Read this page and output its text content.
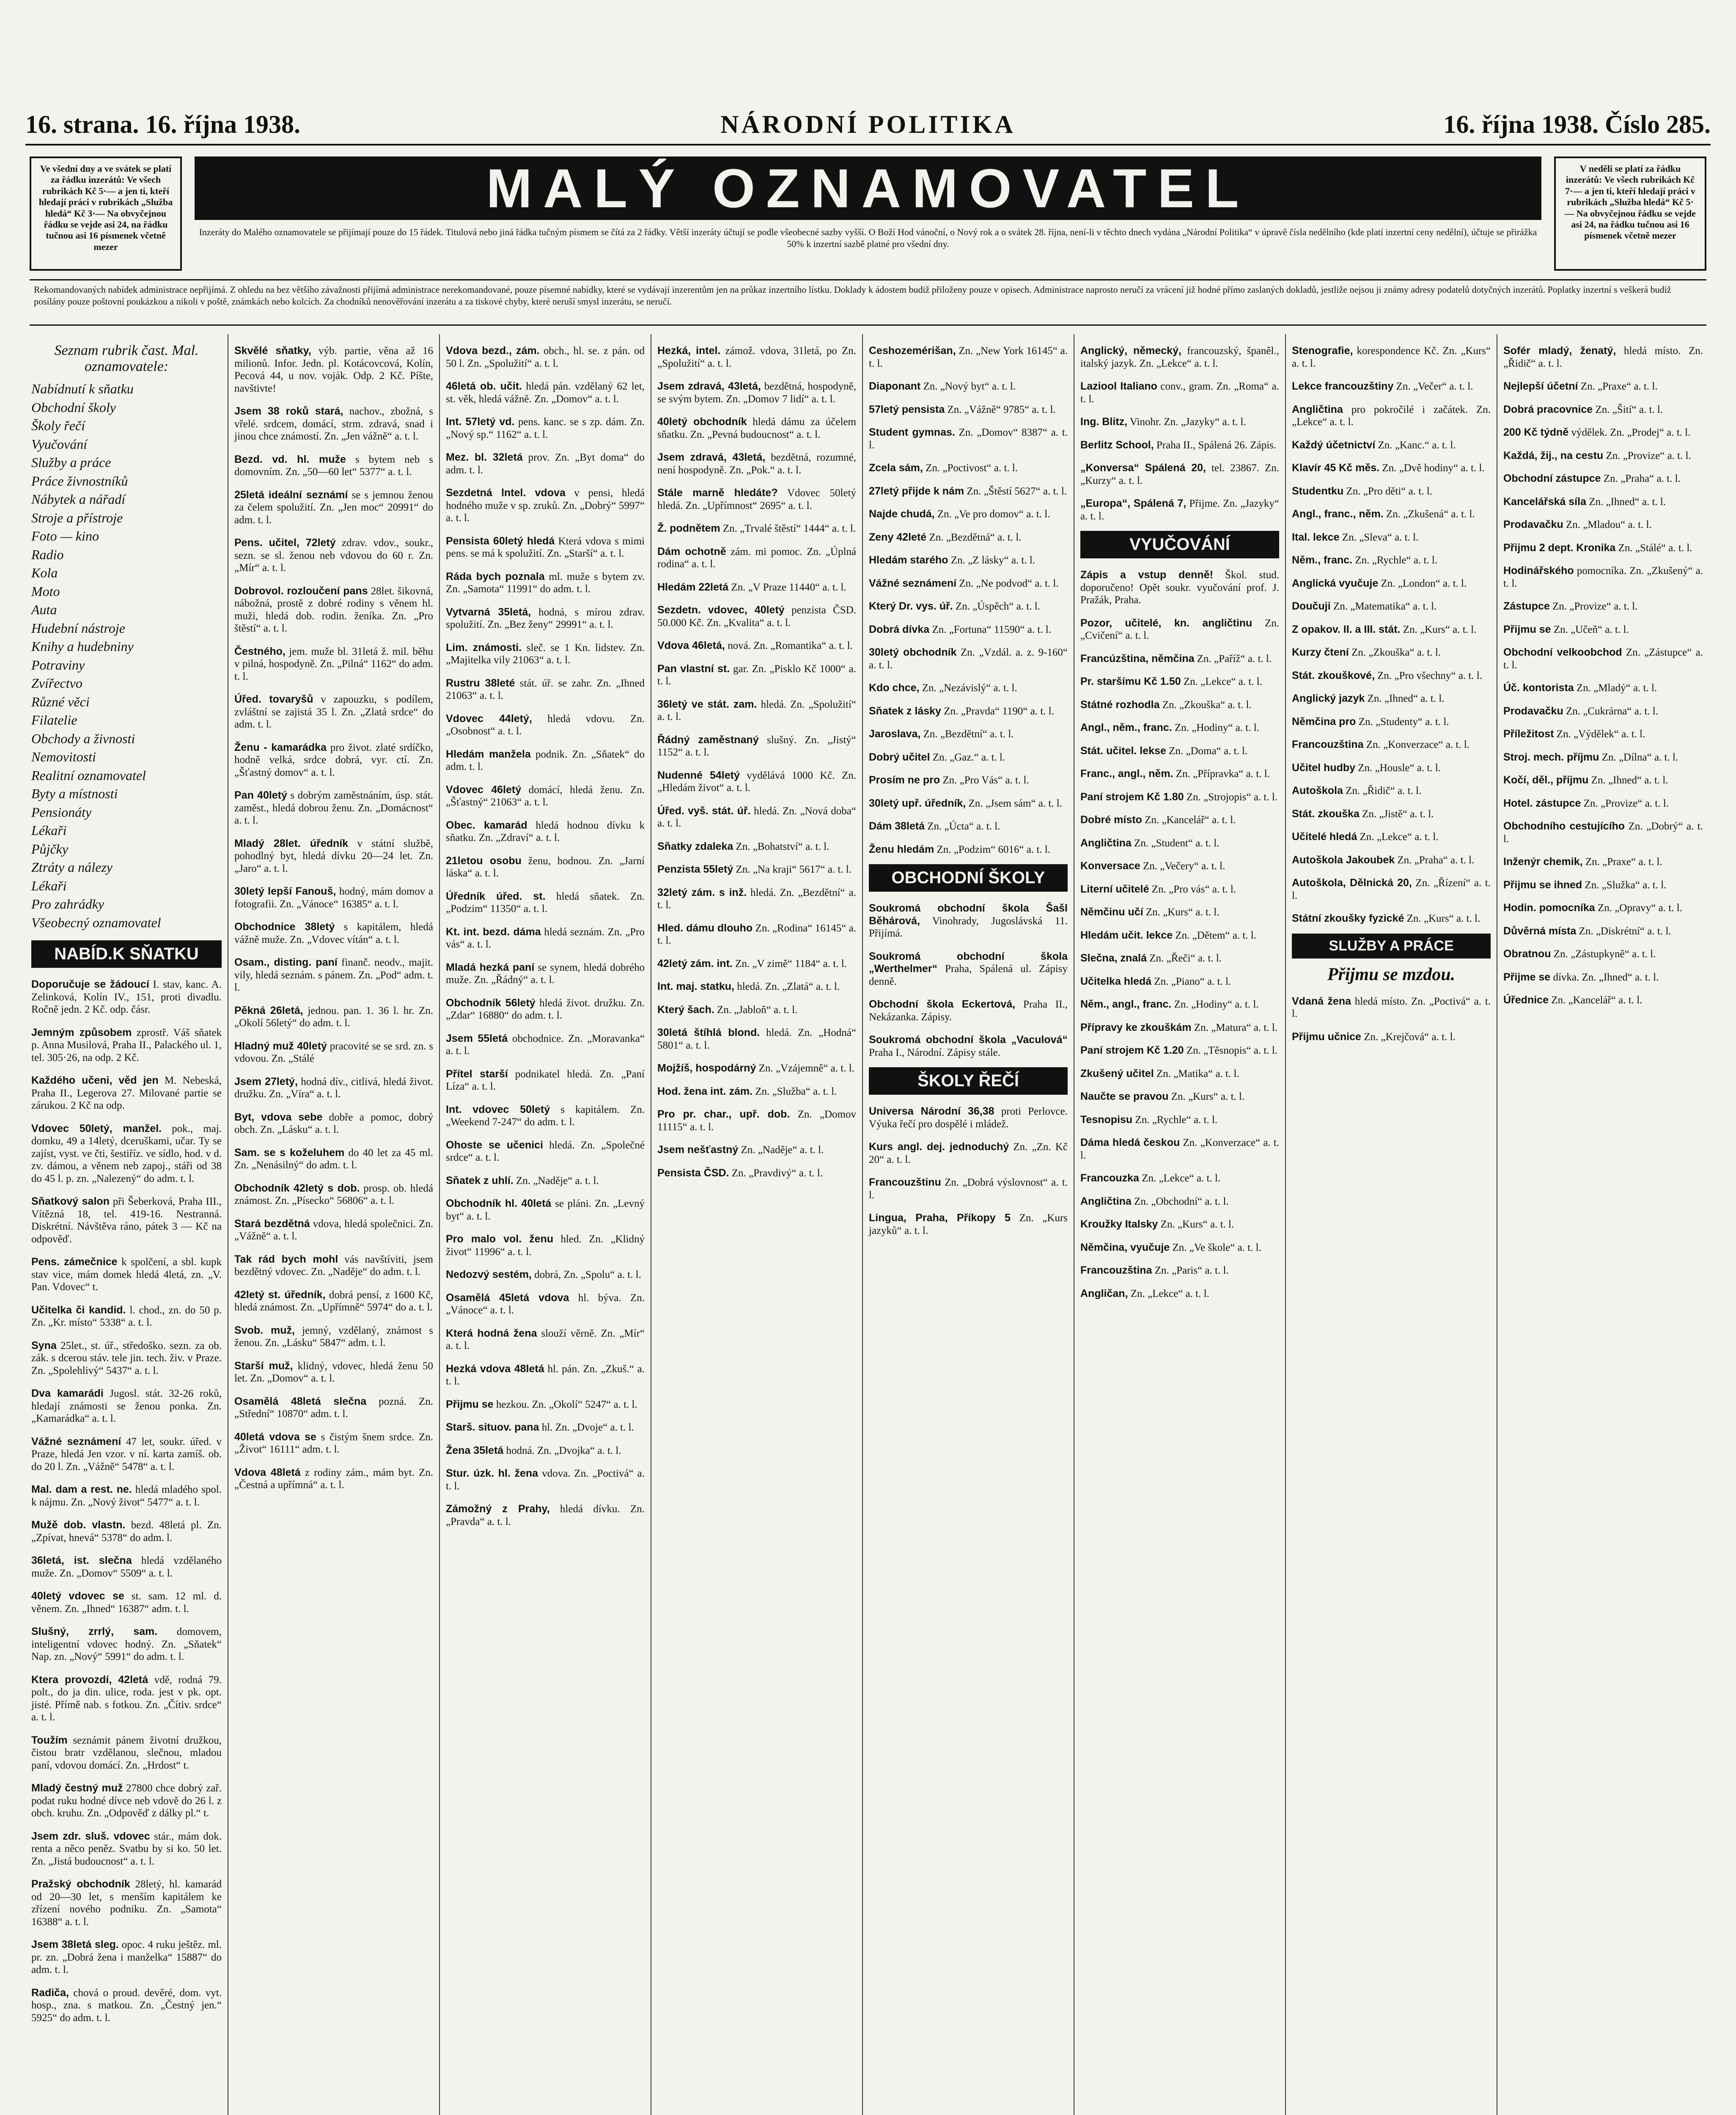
16. strana. 16. října 1938.	NÁRODNÍ POLITIKA	16. října 1938. Číslo 285.
Ve všední dny a ve svátek se platí za řádku inzerátů: Ve všech rubrikách Kč 5·— a jen ti, kteří hledají práci v rubrikách „Služba hledá“ Kč 3·— Na obvyčejnou řádku se vejde asi 24, na řádku tučnou asi 16 písmenek včetně mezer
MALÝ OZNAMOVATEL	V neděli se platí za řádku inzerátů: Ve všech rubrikách Kč 7·— a jen ti, kteří hledají práci v rubrikách „Služba hledá“ Kč 5·— Na obvyčejnou řádku se vejde asi 24, na řádku tučnou asi 16 písmenek včetně mezer
Inzeráty do Malého oznamovatele se přijímají pouze do 15 řádek. Titulová nebo jiná řádka tučným písmem se čítá za 2 řádky. Větší inzeráty účtují se podle všeobecné sazby vyšší. O Boží Hod vánoční, o Nový rok a o svátek 28. října, není-li v těchto dnech vydána „Národní Politika“ v úpravě čísla nedělního (kde platí inzertní ceny nedělní), účtuje se přirážka 50% k inzertní sazbě platné pro všední dny.
Rekomandovaných nabídek administrace nepřijímá. Z ohledu na bez většího závažnosti přijímá administrace nerekomandované, pouze písemné nabídky, které se vydávají inzerentům jen na průkaz inzertního lístku. Doklady k ádostem budiž přiloženy pouze v opisech. Administrace naprosto neručí za vrácení již hodné přímo zaslaných dokladů, jestliže nejsou ji známy adresy podatelů dotyčných inzerátů. Poplatky inzertní s veškerá budiž posílány pouze poštovní poukázkou a nikoli v poště, známkách nebo kolcích. Za chodníků nenověřování inzerátu a za tiskové chyby, které neruší smysl inzerátu, se neručí.
Seznam rubrik čast. Mal. oznamovatele:
Nabídnutí k sňatku
Obchodní školy
Školy řečí
Vyučování
Služby a práce
Práce živnostníků
Nábytek a nářadí
Stroje a přístroje
Foto — kino
Radio
Kola
Moto
Auta
Hudební nástroje
Knihy a hudebniny
Potraviny
Zvířectvo
Různé věci
Filatelie
Obchody a živnosti
Nemovitosti
Realitní oznamovatel
Byty a místnosti
Pensionáty
Lékaři
Půjčky
Ztráty a nálezy
Lékaři
Pro zahrádky
Všeobecný oznamovatel
NABÍD.K SŇATKU

Doporučuje se žádoucí I. stav, kanc. A. Zelinková, Kolín IV., 151, proti divadlu. Ročně jedn. 2 Kč. odp. čásr.

Jemným způsobem zprostř. Váš sňatek p. Anna Musilová, Praha II., Palackého ul. 1, tel. 305·26, na odp. 2 Kč.

Každého učeni, věd jen M. Nebeská, Praha II., Legerova 27. Milované partie se zárukou. 2 Kč na odp.

Vdovec 50letý, manžel. pok., maj. domku, 49 a 14letý, dceruškami, učar. Ty se zajíst, vyst. ve čti, šestiříz. ve sídlo, hod. v d. zv. dámou, a věnem neb zapoj., stáři od 38 do 45 l. p. zn. „Nalezený“ do adm. t. l.

Sňatkový salon při Šeberková, Praha III., Vítězná 18, tel. 419-16. Nestranná. Diskrétní. Návštěva ráno, pátek 3 — Kč na odpověď.

Pens. zámečnice k spolčení, a sbl. kupk stav vice, mám domek hledá 4letá, zn. „V. Pan. Vdovec“ t.

Učitelka či kandid. l. chod., zn. do 50 p. Zn. „Kr. místo“ 5338“ a. t. l.

Syna 25let., st. úř., středoško. sezn. za ob. zák. s dcerou stáv. tele jin. tech. živ. v Praze. Zn. „Spolehlivý“ 5437“ a. t. l.

Dva kamarádi Jugosl. stát. 32-26 roků, hledají známosti se ženou ponka. Zn. „Kamarádka“ a. t. l.

Vážné seznámení 47 let, soukr. úřed. v Praze, hledá Jen vzor. v ní. karta zamíš. ob. do 20 l. Zn. „Vážně“ 5478“ a. t. l.

Mal. dam a rest. ne. hledá mladého spol. k nájmu. Zn. „Nový život“ 5477“ a. t. l.

Mužě dob. vlastn. bezd. 48letá pl. Zn. „Zpívat, hnevá“ 5378“ do adm. l.

36letá, ist. slečna hledá vzdělaného muže. Zn. „Domov“ 5509“ a. t. l.

40letý vdovec se st. sam. 12 ml. d. věnem. Zn. „Ihned“ 16387“ adm. t. l.

Slušný, zrrlý, sam. domovem, inteligentní vdovec hodný. Zn. „Sňatek“ Nap. zn. „Nový“ 5991“ do adm. t. l.

Ktera provozdí, 42letá vdě, rodná 79. polt., do ja din. ulice, roda. jest v pk. opt. jisté. Přímě nab. s fotkou. Zn. „Čítiv. srdce“ a. t. l.

Toužím seznámit pánem životní družkou, čistou bratr vzdělanou, slečnou, mladou paní, vdovou domácí. Zn. „Hrdost“ t.

Mladý čestný muž 27800 chce dobrý zař. podat ruku hodné dívce neb vdově do 26 l. z obch. kruhu. Zn. „Odpověď z dálky pl.“ t.

Jsem zdr. sluš. vdovec stár., mám dok. renta a něco peněz. Svatbu by si ko. 50 let. Zn. „Jistá budoucnost“ a. t. l.

Pražský obchodník 28letý, hl. kamarád od 20—30 let, s menším kapitálem ke zřízení nového podniku. Zn. „Samota“ 16388“ a. t. l.

Jsem 38letá sleg. opoc. 4 ruku ještěz. ml. pr. zn. „Dobrá žena i manželka“ 15887“ do adm. t. l.

Radiča, chová o proud. devěré, dom. vyt. hosp., zna. s matkou. Zn. „Čestný jen.“ 5925“ do adm. t. l.

Skvělé sňatky, výb. partie, věna až 16 milionů. Infor. Jedn. pl. Kotácovcová, Kolín, Pecová 44, u nov. voják. Odp. 2 Kč. Píšte, navštivte!

Jsem 38 roků stará, nachov., zbožná, s vřelé. srdcem, domácí, strm. zdravá, snad i jinou chce známostí. Zn. „Jen vážně“ a. t. l.

Bezd. vd. hl. muže s bytem neb s domovním. Zn. „50—60 let“ 5377“ a. t. l.

25letá ideální seznámí se s jemnou ženou za čelem spolužití. Zn. „Jen moc“ 20991“ do adm. t. l.

Pens. učitel, 72letý zdrav. vdov., soukr., sezn. se sl. ženou neb vdovou do 60 r. Zn. „Mír“ a. t. l.

Dobrovol. rozloučení pans 28let. šikovná, nábožná, prostě z dobré rodiny s věnem hl. muži, hledá dob. rodin. ženíka. Zn. „Pro štěstí“ a. t. l.

Čestného, jem. muže bl. 31letá ž. mil. běhu v pilná, hospodyně. Zn. „Pilná“ 1162“ do adm. t. l.

Úřed. tovaryšů v zapouzku, s podílem, zvláštní se zajistá 35 l. Zn. „Zlatá srdce“ do adm. t. l.

Ženu - kamarádka pro život. zlaté srdíčko, hodně velká, srdce dobrá, vyr. ctí. Zn. „Šťastný domov“ a. t. l.

Pan 40letý s dobrým zaměstnáním, úsp. stát. zaměst., hledá dobrou ženu. Zn. „Domácnost“ a. t. l.

Mladý 28let. úředník v státní službě, pohodlný byt, hledá dívku 20—24 let. Zn. „Jaro“ a. t. l.

30letý lepší Fanouš, hodný, mám domov a fotografii. Zn. „Vánoce“ 16385“ a. t. l.

Obchodnice 38letý s kapitálem, hledá vážně muže. Zn. „Vdovec vítán“ a. t. l.

Osam., disting. paní finanč. neodv., majit. vily, hledá seznám. s pánem. Zn. „Pod“ adm. t. l.

Pěkná 26letá, jednou. pan. 1. 36 l. hr. Zn. „Okolí 56letý“ do adm. t. l.

Hladný muž 40letý pracovité se se srd. zn. s vdovou. Zn. „Stálé

Jsem 27letý, hodná dív., citlivá, hledá život. družku. Zn. „Víra“ a. t. l.

Byt, vdova sebe dobře a pomoc, dobrý obch. Zn. „Lásku“ a. t. l.

Sam. se s koželuhem do 40 let za 45 ml. Zn. „Nenásilný“ do adm. t. l.

Obchodník 42letý s dob. prosp. ob. hledá známost. Zn. „Písecko“ 56806“ a. t. l.

Stará bezdětná vdova, hledá společnici. Zn. „Vážně“ a. t. l.

Tak rád bych mohl vás navštíviti, jsem bezdětný vdovec. Zn. „Naděje“ do adm. t. l.

42letý st. úředník, dobrá pensí, z 1600 Kč, hledá známost. Zn. „Upřímně“ 5974“ do a. t. l.

Svob. muž, jemný, vzdělaný, známost s ženou. Zn. „Lásku“ 5847“ adm. t. l.

Starší muž, klidný, vdovec, hledá ženu 50 let. Zn. „Domov“ a. t. l.

Osamělá 48letá slečna pozná. Zn. „Střední“ 10870“ adm. t. l.

40letá vdova se s čistým šnem srdce. Zn. „Život“ 16111“ adm. t. l.

Vdova 48letá z rodiny zám., mám byt. Zn. „Čestná a upřímná“ a. t. l.

Vdova bezd., zám. obch., hl. se. z pán. od 50 l. Zn. „Spolužití“ a. t. l.

46letá ob. učit. hledá pán. vzdělaný 62 let, st. věk, hledá vážně. Zn. „Domov“ a. t. l.

Int. 57letý vd. pens. kanc. se s zp. dám. Zn. „Nový sp.“ 1162“ a. t. l.

Mez. bl. 32letá prov. Zn. „Byt doma“ do adm. t. l.

Sezdetná lntel. vdova v pensi, hledá hodného muže v sp. zruků. Zn. „Dobrý“ 5997“ a. t. l.

Pensista 60letý hledá Která vdova s mimi pens. se má k spolužití. Zn. „Starší“ a. t. l.

Ráda bych poznala ml. muže s bytem zv. Zn. „Samota“ 11991“ do adm. t. l.

Vytvarná 35letá, hodná, s mírou zdrav. spolužití. Zn. „Bez ženy“ 29991“ a. t. l.

Lim. známosti. sleč. se 1 Kn. lidstev. Zn. „Majitelka vily 21063“ a. t. l.

Rustru 38leté stát. úř. se zahr. Zn. „Ihned 21063“ a. t. l.

Vdovec 44letý, hledá vdovu. Zn. „Osobnost“ a. t. l.

Hledám manžela podnik. Zn. „Sňatek“ do adm. t. l.

Vdovec 46letý domácí, hledá ženu. Zn. „Šťastný“ 21063“ a. t. l.

Obec. kamarád hledá hodnou dívku k sňatku. Zn. „Zdraví“ a. t. l.

21letou osobu ženu, hodnou. Zn. „Jarní láska“ a. t. l.

Úředník úřed. st. hledá sňatek. Zn. „Podzim“ 11350“ a. t. l.

Kt. int. bezd. dáma hledá seznám. Zn. „Pro vás“ a. t. l.

Mladá hezká paní se synem, hledá dobrého muže. Zn. „Řádný“ a. t. l.

Obchodník 56letý hledá život. družku. Zn. „Zdar“ 16880“ do adm. t. l.

Jsem 55letá obchodnice. Zn. „Moravanka“ a. t. l.

Přítel starší podnikatel hledá. Zn. „Paní Líza“ a. t. l.

Int. vdovec 50letý s kapitálem. Zn. „Weekend 7-247“ do adm. t. l.

Ohoste se učenici hledá. Zn. „Společné srdce“ a. t. l.

Sňatek z uhlí. Zn. „Naděje“ a. t. l.

Obchodník hl. 40letá se pláni. Zn. „Levný byt“ a. t. l.

Pro malo vol. ženu hled. Zn. „Klidný život“ 11996“ a. t. l.

Nedozvý sestém, dobrá, Zn. „Spolu“ a. t. l.

Osamělá 45letá vdova hl. býva. Zn. „Vánoce“ a. t. l.

Která hodná žena slouží věrně. Zn. „Mír“ a. t. l.

Hezká vdova 48letá hl. pán. Zn. „Zkuš.“ a. t. l.

Přijmu se hezkou. Zn. „Okolí“ 5247“ a. t. l.

Starš. situov. pana hl. Zn. „Dvoje“ a. t. l.

Žena 35letá hodná. Zn. „Dvojka“ a. t. l.

Stur. úzk. hl. žena vdova. Zn. „Poctivá“ a. t. l.

Zámožný z Prahy, hledá dívku. Zn. „Pravda“ a. t. l.

Hezká, intel. zámož. vdova, 31letá, po Zn. „Spolužití“ a. t. l.

Jsem zdravá, 43letá, bezdětná, hospodyně, se svým bytem. Zn. „Domov 7 lidí“ a. t. l.

40letý obchodník hledá dámu za účelem sňatku. Zn. „Pevná budoucnost“ a. t. l.

Jsem zdravá, 43letá, bezdětná, rozumné, není hospodyně. Zn. „Pok.“ a. t. l.

Stále marně hledáte? Vdovec 50letý hledá. Zn. „Upřímnost“ 2695“ a. t. l.

Ž. podnětem Zn. „Trvalé štěstí“ 1444“ a. t. l.

Dám ochotně zám. mi pomoc. Zn. „Úplná rodina“ a. t. l.

Hledám 22letá Zn. „V Praze 11440“ a. t. l.

Sezdetn. vdovec, 40letý penzista ČSD. 50.000 Kč. Zn. „Kvalita“ a. t. l.

Vdova 46letá, nová. Zn. „Romantika“ a. t. l.

Pan vlastní st. gar. Zn. „Pisklo Kč 1000“ a. t. l.

36letý ve stát. zam. hledá. Zn. „Spolužití“ a. t. l.

Řádný zaměstnaný slušný. Zn. „Jistý“ 1152“ a. t. l.

Nudenné 54letý vydělává 1000 Kč. Zn. „Hledám život“ a. t. l.

Úřed. vyš. stát. úř. hledá. Zn. „Nová doba“ a. t. l.

Sňatky zdaleka Zn. „Bohatství“ a. t. l.

Penzista 55letý Zn. „Na kraji“ 5617“ a. t. l.

32letý zám. s inž. hledá. Zn. „Bezdětní“ a. t. l.

Hled. dámu dlouho Zn. „Rodina“ 16145“ a. t. l.

42letý zám. int. Zn. „V zimě“ 1184“ a. t. l.

Int. maj. statku, hledá. Zn. „Zlatá“ a. t. l.

Který šach. Zn. „Jabloň“ a. t. l.

30letá štíhlá blond. hledá. Zn. „Hodná“ 5801“ a. t. l.

Mojžíš, hospodárný Zn. „Vzájemně“ a. t. l.

Hod. žena int. zám. Zn. „Služba“ a. t. l.

Pro pr. char., upř. dob. Zn. „Domov 11115“ a. t. l.

Jsem nešťastný Zn. „Naděje“ a. t. l.

Pensista ČSD. Zn. „Pravdivý“ a. t. l.

Ceshozemérišan, Zn. „New York 16145“ a. t. l.

Diaponant Zn. „Nový byt“ a. t. l.

57letý pensista Zn. „Vážně“ 9785“ a. t. l.

Student gymnas. Zn. „Domov“ 8387“ a. t. l.

Zcela sám, Zn. „Poctivost“ a. t. l.

27letý přijde k nám Zn. „Štěstí 5627“ a. t. l.

Najde chudá, Zn. „Ve pro domov“ a. t. l.

Zeny 42leté Zn. „Bezdětná“ a. t. l.

Hledám starého Zn. „Z lásky“ a. t. l.

Vážné seznámení Zn. „Ne podvod“ a. t. l.

Který Dr. vys. úř. Zn. „Úspěch“ a. t. l.

Dobrá dívka Zn. „Fortuna“ 11590“ a. t. l.

30letý obchodník Zn. „Vzdál. a. z. 9-160“ a. t. l.

Kdo chce, Zn. „Nezávislý“ a. t. l.

Sňatek z lásky Zn. „Pravda“ 1190“ a. t. l.

Jaroslava, Zn. „Bezdětní“ a. t. l.

Dobrý učitel Zn. „Gaz.“ a. t. l.

Prosím ne pro Zn. „Pro Vás“ a. t. l.

30letý upř. úředník, Zn. „Jsem sám“ a. t. l.

Dám 38letá Zn. „Úcta“ a. t. l.

Ženu hledám Zn. „Podzim“ 6016“ a. t. l.

OBCHODNÍ ŠKOLY

Soukromá obchodní škola Šašl Běhárová, Vinohrady, Jugoslávská 11. Přijímá.

Soukromá obchodní škola „Werthelmer“ Praha, Spálená ul. Zápisy denně.

Obchodní škola Eckertová, Praha II., Nekázanka. Zápisy.

Soukromá obchodní škola „Vaculová“ Praha I., Národní. Zápisy stále.

ŠKOLY ŘEČÍ

Universa Národní 36,38 proti Perlovce. Výuka řečí pro dospělé i mládež.

Kurs angl. dej. jednoduchý Zn. „Zn. Kč 20“ a. t. l.

Francouzštinu Zn. „Dobrá výslovnost“ a. t. l.

Lingua, Praha, Příkopy 5 Zn. „Kurs jazyků“ a. t. l.

Anglický, německý, francouzský, španěl., italský jazyk. Zn. „Lekce“ a. t. l.

Laziool Italiano conv., gram. Zn. „Roma“ a. t. l.

Ing. Blitz, Vinohr. Zn. „Jazyky“ a. t. l.

Berlitz School, Praha II., Spálená 26. Zápis.

„Konversa“ Spálená 20, tel. 23867. Zn. „Kurzy“ a. t. l.

„Europa“, Spálená 7, Přijme. Zn. „Jazyky“ a. t. l.

VYUČOVÁNÍ

Zápis a vstup denně! Škol. stud. doporučeno! Opět soukr. vyučování prof. J. Pražák, Praha.

Pozor, učitelé, kn. angličtinu Zn. „Cvičení“ a. t. l.

Francúzština, němčina Zn. „Paříž“ a. t. l.

Pr. staršímu Kč 1.50 Zn. „Lekce“ a. t. l.

Státné rozhodla Zn. „Zkouška“ a. t. l.

Angl., něm., franc. Zn. „Hodiny“ a. t. l.

Stát. učitel. lekse Zn. „Doma“ a. t. l.

Franc., angl., něm. Zn. „Přípravka“ a. t. l.

Paní strojem Kč 1.80 Zn. „Strojopis“ a. t. l.

Dobré místo Zn. „Kancelář“ a. t. l.

Angličtina Zn. „Student“ a. t. l.

Konversace Zn. „Večery“ a. t. l.

Literní učitelé Zn. „Pro vás“ a. t. l.

Němčinu učí Zn. „Kurs“ a. t. l.

Hledám učit. lekce Zn. „Dětem“ a. t. l.

Slečna, znalá Zn. „Řeči“ a. t. l.

Učitelka hledá Zn. „Piano“ a. t. l.

Něm., angl., franc. Zn. „Hodiny“ a. t. l.

Přípravy ke zkouškám Zn. „Matura“ a. t. l.

Paní strojem Kč 1.20 Zn. „Těsnopis“ a. t. l.

Zkušený učitel Zn. „Matika“ a. t. l.

Naučte se pravou Zn. „Kurs“ a. t. l.

Tesnopisu Zn. „Rychle“ a. t. l.

Dáma hledá českou Zn. „Konverzace“ a. t. l.

Francouzka Zn. „Lekce“ a. t. l.

Angličtina Zn. „Obchodní“ a. t. l.

Kroužky Italsky Zn. „Kurs“ a. t. l.

Němčina, vyučuje Zn. „Ve škole“ a. t. l.

Francouzština Zn. „Paris“ a. t. l.

Angličan, Zn. „Lekce“ a. t. l.

Stenografie, korespondence Kč. Zn. „Kurs“ a. t. l.

Lekce francouzštiny Zn. „Večer“ a. t. l.

Angličtina pro pokročilé i začátek. Zn. „Lekce“ a. t. l.

Každý účetnictví Zn. „Kanc.“ a. t. l.

Klavír 45 Kč měs. Zn. „Dvě hodiny“ a. t. l.

Studentku Zn. „Pro děti“ a. t. l.

Angl., franc., něm. Zn. „Zkušená“ a. t. l.

Ital. lekce Zn. „Sleva“ a. t. l.

Něm., franc. Zn. „Rychle“ a. t. l.

Anglická vyučuje Zn. „London“ a. t. l.

Doučuji Zn. „Matematika“ a. t. l.

Z opakov. II. a III. stát. Zn. „Kurs“ a. t. l.

Kurzy čtení Zn. „Zkouška“ a. t. l.

Stát. zkouškové, Zn. „Pro všechny“ a. t. l.

Anglický jazyk Zn. „Ihned“ a. t. l.

Němčina pro Zn. „Studenty“ a. t. l.

Francouzština Zn. „Konverzace“ a. t. l.

Učitel hudby Zn. „Housle“ a. t. l.

Autoškola Zn. „Řidič“ a. t. l.

Stát. zkouška Zn. „Jistě“ a. t. l.

Učitelé hledá Zn. „Lekce“ a. t. l.

Autoškola Jakoubek Zn. „Praha“ a. t. l.

Autoškola, Dělnická 20, Zn. „Řízení“ a. t. l.

Státní zkoušky fyzické Zn. „Kurs“ a. t. l.

SLUŽBY A PRÁCE
Přijmu se mzdou.

Vdaná žena hledá místo. Zn. „Poctivá“ a. t. l.

Přijmu učnice Zn. „Krejčová“ a. t. l.

Sofér mladý, ženatý, hledá místo. Zn. „Řidič“ a. t. l.

Nejlepší účetní Zn. „Praxe“ a. t. l.

Dobrá pracovnice Zn. „Šití“ a. t. l.

200 Kč týdně výdělek. Zn. „Prodej“ a. t. l.

Každá, žij., na cestu Zn. „Provize“ a. t. l.

Obchodní zástupce Zn. „Praha“ a. t. l.

Kancelářská síla Zn. „Ihned“ a. t. l.

Prodavačku Zn. „Mladou“ a. t. l.

Přijmu 2 dept. Kronika Zn. „Stálé“ a. t. l.

Hodinářského pomocníka. Zn. „Zkušený“ a. t. l.

Zástupce Zn. „Provize“ a. t. l.

Přijmu se Zn. „Učeň“ a. t. l.

Obchodní velkoobchod Zn. „Zástupce“ a. t. l.

Úč. kontorista Zn. „Mladý“ a. t. l.

Prodavačku Zn. „Cukrárna“ a. t. l.

Příležitost Zn. „Výdělek“ a. t. l.

Stroj. mech. příjmu Zn. „Dílna“ a. t. l.

Kočí, děl., příjmu Zn. „Ihned“ a. t. l.

Hotel. zástupce Zn. „Provize“ a. t. l.

Obchodního cestujícího Zn. „Dobrý“ a. t. l.

Inženýr chemik, Zn. „Praxe“ a. t. l.

Přijmu se ihned Zn. „Služka“ a. t. l.

Hodin. pomocníka Zn. „Opravy“ a. t. l.

Důvěrná místa Zn. „Diskrétní“ a. t. l.

Obratnou Zn. „Zástupkyně“ a. t. l.

Přijme se dívka. Zn. „Ihned“ a. t. l.

Úřednice Zn. „Kancelář“ a. t. l.
